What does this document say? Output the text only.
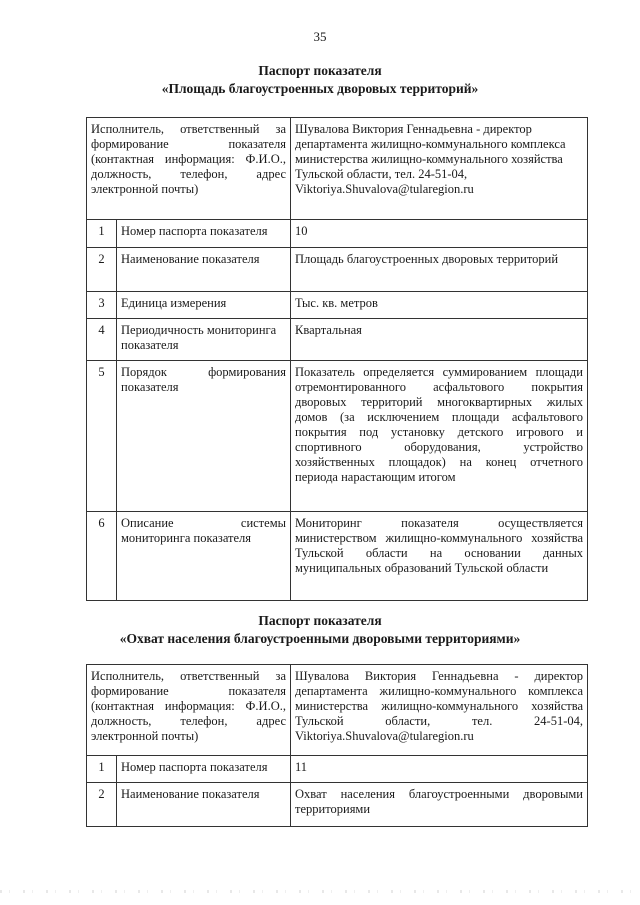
35
Паспорт показателя
«Площадь благоустроенных дворовых территорий»
Исполнитель, ответственный за формирование показателя (контактная информация: Ф.И.О., должность, телефон, адрес электронной почты)		Шувалова Виктория Геннадьевна - директор департамента жилищно-коммунального комплекса министерства жилищно-коммунального хозяйства
Тульской области, тел. 24-51-04,
Viktoriya.Shuvalova@tularegion.ru

1	Номер паспорта показателя	10
2	Наименование показателя	Площадь благоустроенных дворовых территорий
3	Единица измерения	Тыс. кв. метров
4	Периодичность мониторинга показателя	Квартальная
5	Порядок формирования показателя	Показатель определяется суммированием площади отремонтированного асфальтового покрытия дворовых территорий многоквартирных жилых домов (за исключением площади асфальтового покрытия под установку детского игрового и спортивного оборудования, устройство хозяйственных площадок) на конец отчетного периода нарастающим итогом
6	Описание системы мониторинга показателя	Мониторинг показателя осуществляется министерством жилищно-коммунального хозяйства Тульской области на основании данных муниципальных образований Тульской области
Паспорт показателя
«Охват населения благоустроенными дворовыми территориями»
Исполнитель, ответственный за формирование показателя (контактная информация: Ф.И.О., должность, телефон, адрес электронной почты)		Шувалова Виктория Геннадьевна - директор департамента жилищно-коммунального комплекса министерства жилищно-коммунального хозяйства Тульской области, тел. 24-51-04, Viktoriya.Shuvalova@tularegion.ru
1	Номер паспорта показателя	11
2	Наименование показателя	Охват населения благоустроенными дворовыми территориями
